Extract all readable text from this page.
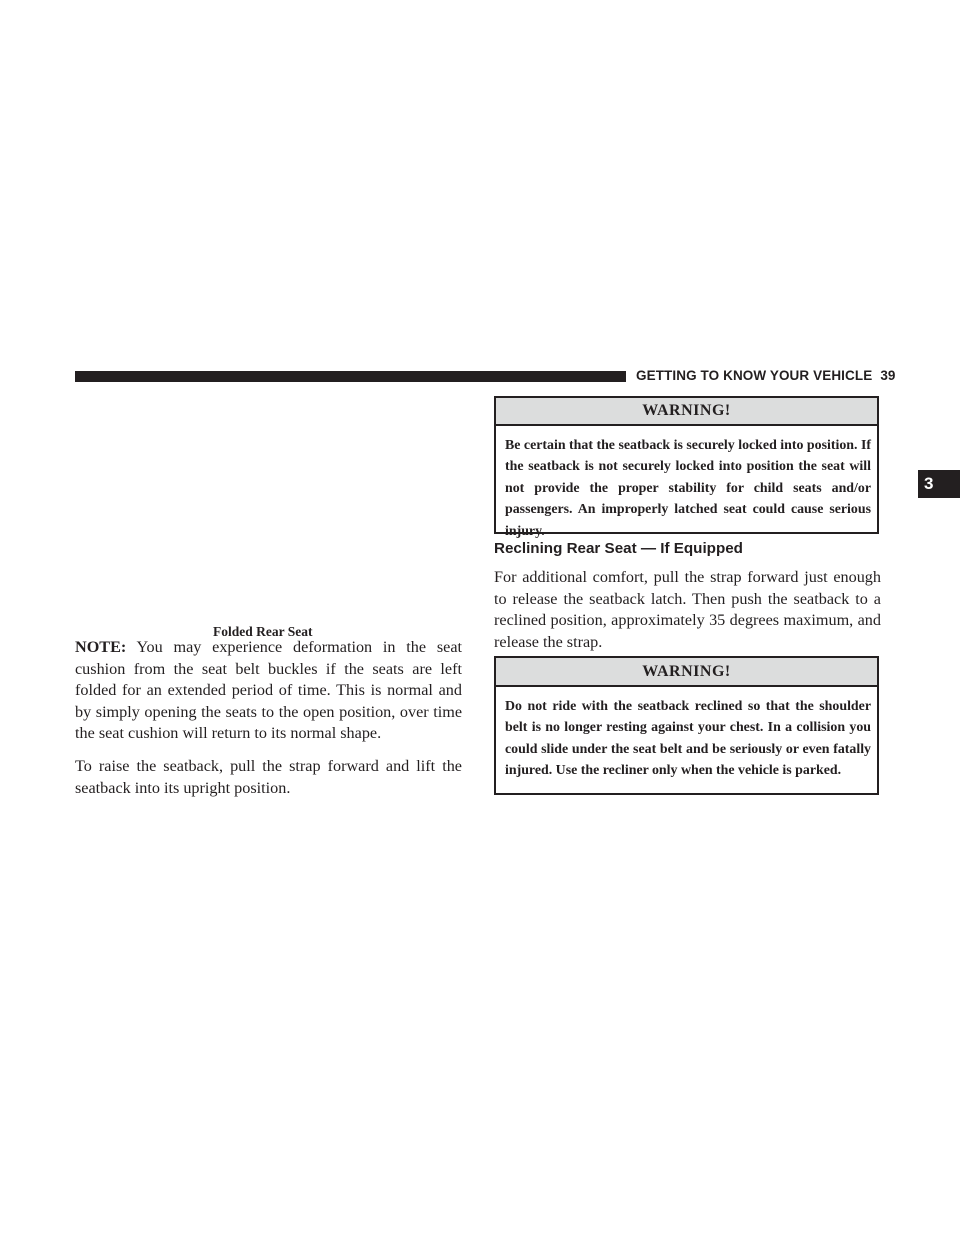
GETTING TO KNOW YOUR VEHICLE 39
3
Folded Rear Seat

NOTE: You may experience deformation in the seat cushion from the seat belt buckles if the seats are left folded for an extended period of time. This is normal and by simply opening the seats to the open position, over time the seat cushion will return to its normal shape.

To raise the seatback, pull the strap forward and lift the seatback into its upright position.

WARNING!
Be certain that the seatback is securely locked into position. If the seatback is not securely locked into position the seat will not provide the proper stability for child seats and/or passengers. An improperly latched seat could cause serious injury.
Reclining Rear Seat — If Equipped

For additional comfort, pull the strap forward just enough to release the seatback latch. Then push the seatback to a reclined position, approximately 35 degrees maximum, and release the strap.

WARNING!
Do not ride with the seatback reclined so that the shoulder belt is no longer resting against your chest. In a collision you could slide under the seat belt and be seriously or even fatally injured. Use the recliner only when the vehicle is parked.
